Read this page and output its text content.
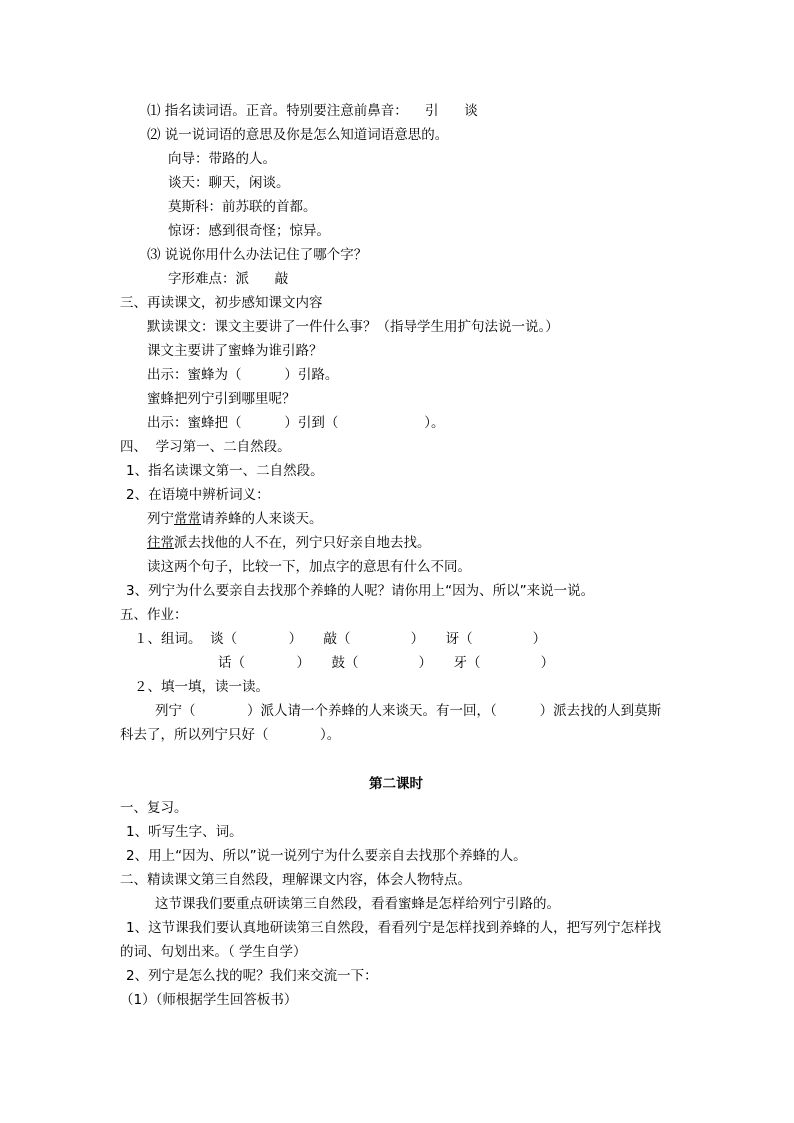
⑴ 指名读词语。正音。特别要注意前鼻音：    引      谈
⑵ 说一说词语的意思及你是怎么知道词语意思的。
向导：带路的人。
谈天：聊天，闲谈。
莫斯科：前苏联的首都。
惊讶：感到很奇怪；惊异。
⑶ 说说你用什么办法记住了哪个字？
字形难点：派      敲
三、再读课文，初步感知课文内容
默读课文：课文主要讲了一件什么事？（指导学生用扩句法说一说。）
课文主要讲了蜜蜂为谁引路？
出示：蜜蜂为（          ）引路。
蜜蜂把列宁引到哪里呢？
出示：蜜蜂把（          ）引到（                    ）。
四、  学习第一、二自然段。
1、指名读课文第一、二自然段。
2、在语境中辨析词义：
列宁常常请养蜂的人来谈天。
往常派去找他的人不在，列宁只好亲自地去找。
读这两个句子，比较一下，加点字的意思有什么不同。
3、列宁为什么要亲自去找那个养蜂的人呢？请你用上“因为、所以”来说一说。
五、作业：
１、组词。  谈（            ）     敲（              ）     讶（              ）
话（            ）     鼓（              ）     牙（              ）
２、填一填，读一读。
列宁（            ）派人请一个养蜂的人来谈天。有一回，（          ）派去找的人到莫斯
科去了，所以列宁只好（            ）。
第二课时
一、复习。
1、听写生字、词。
2、用上“因为、所以”说一说列宁为什么要亲自去找那个养蜂的人。
二、精读课文第三自然段，理解课文内容，体会人物特点。
这节课我们要重点研读第三自然段，看看蜜蜂是怎样给列宁引路的。
1、这节课我们要认真地研读第三自然段，看看列宁是怎样找到养蜂的人，把写列宁怎样找
的词、句划出来。（ 学生自学）
2、列宁是怎么找的呢？我们来交流一下：
（1）（师根据学生回答板书）
